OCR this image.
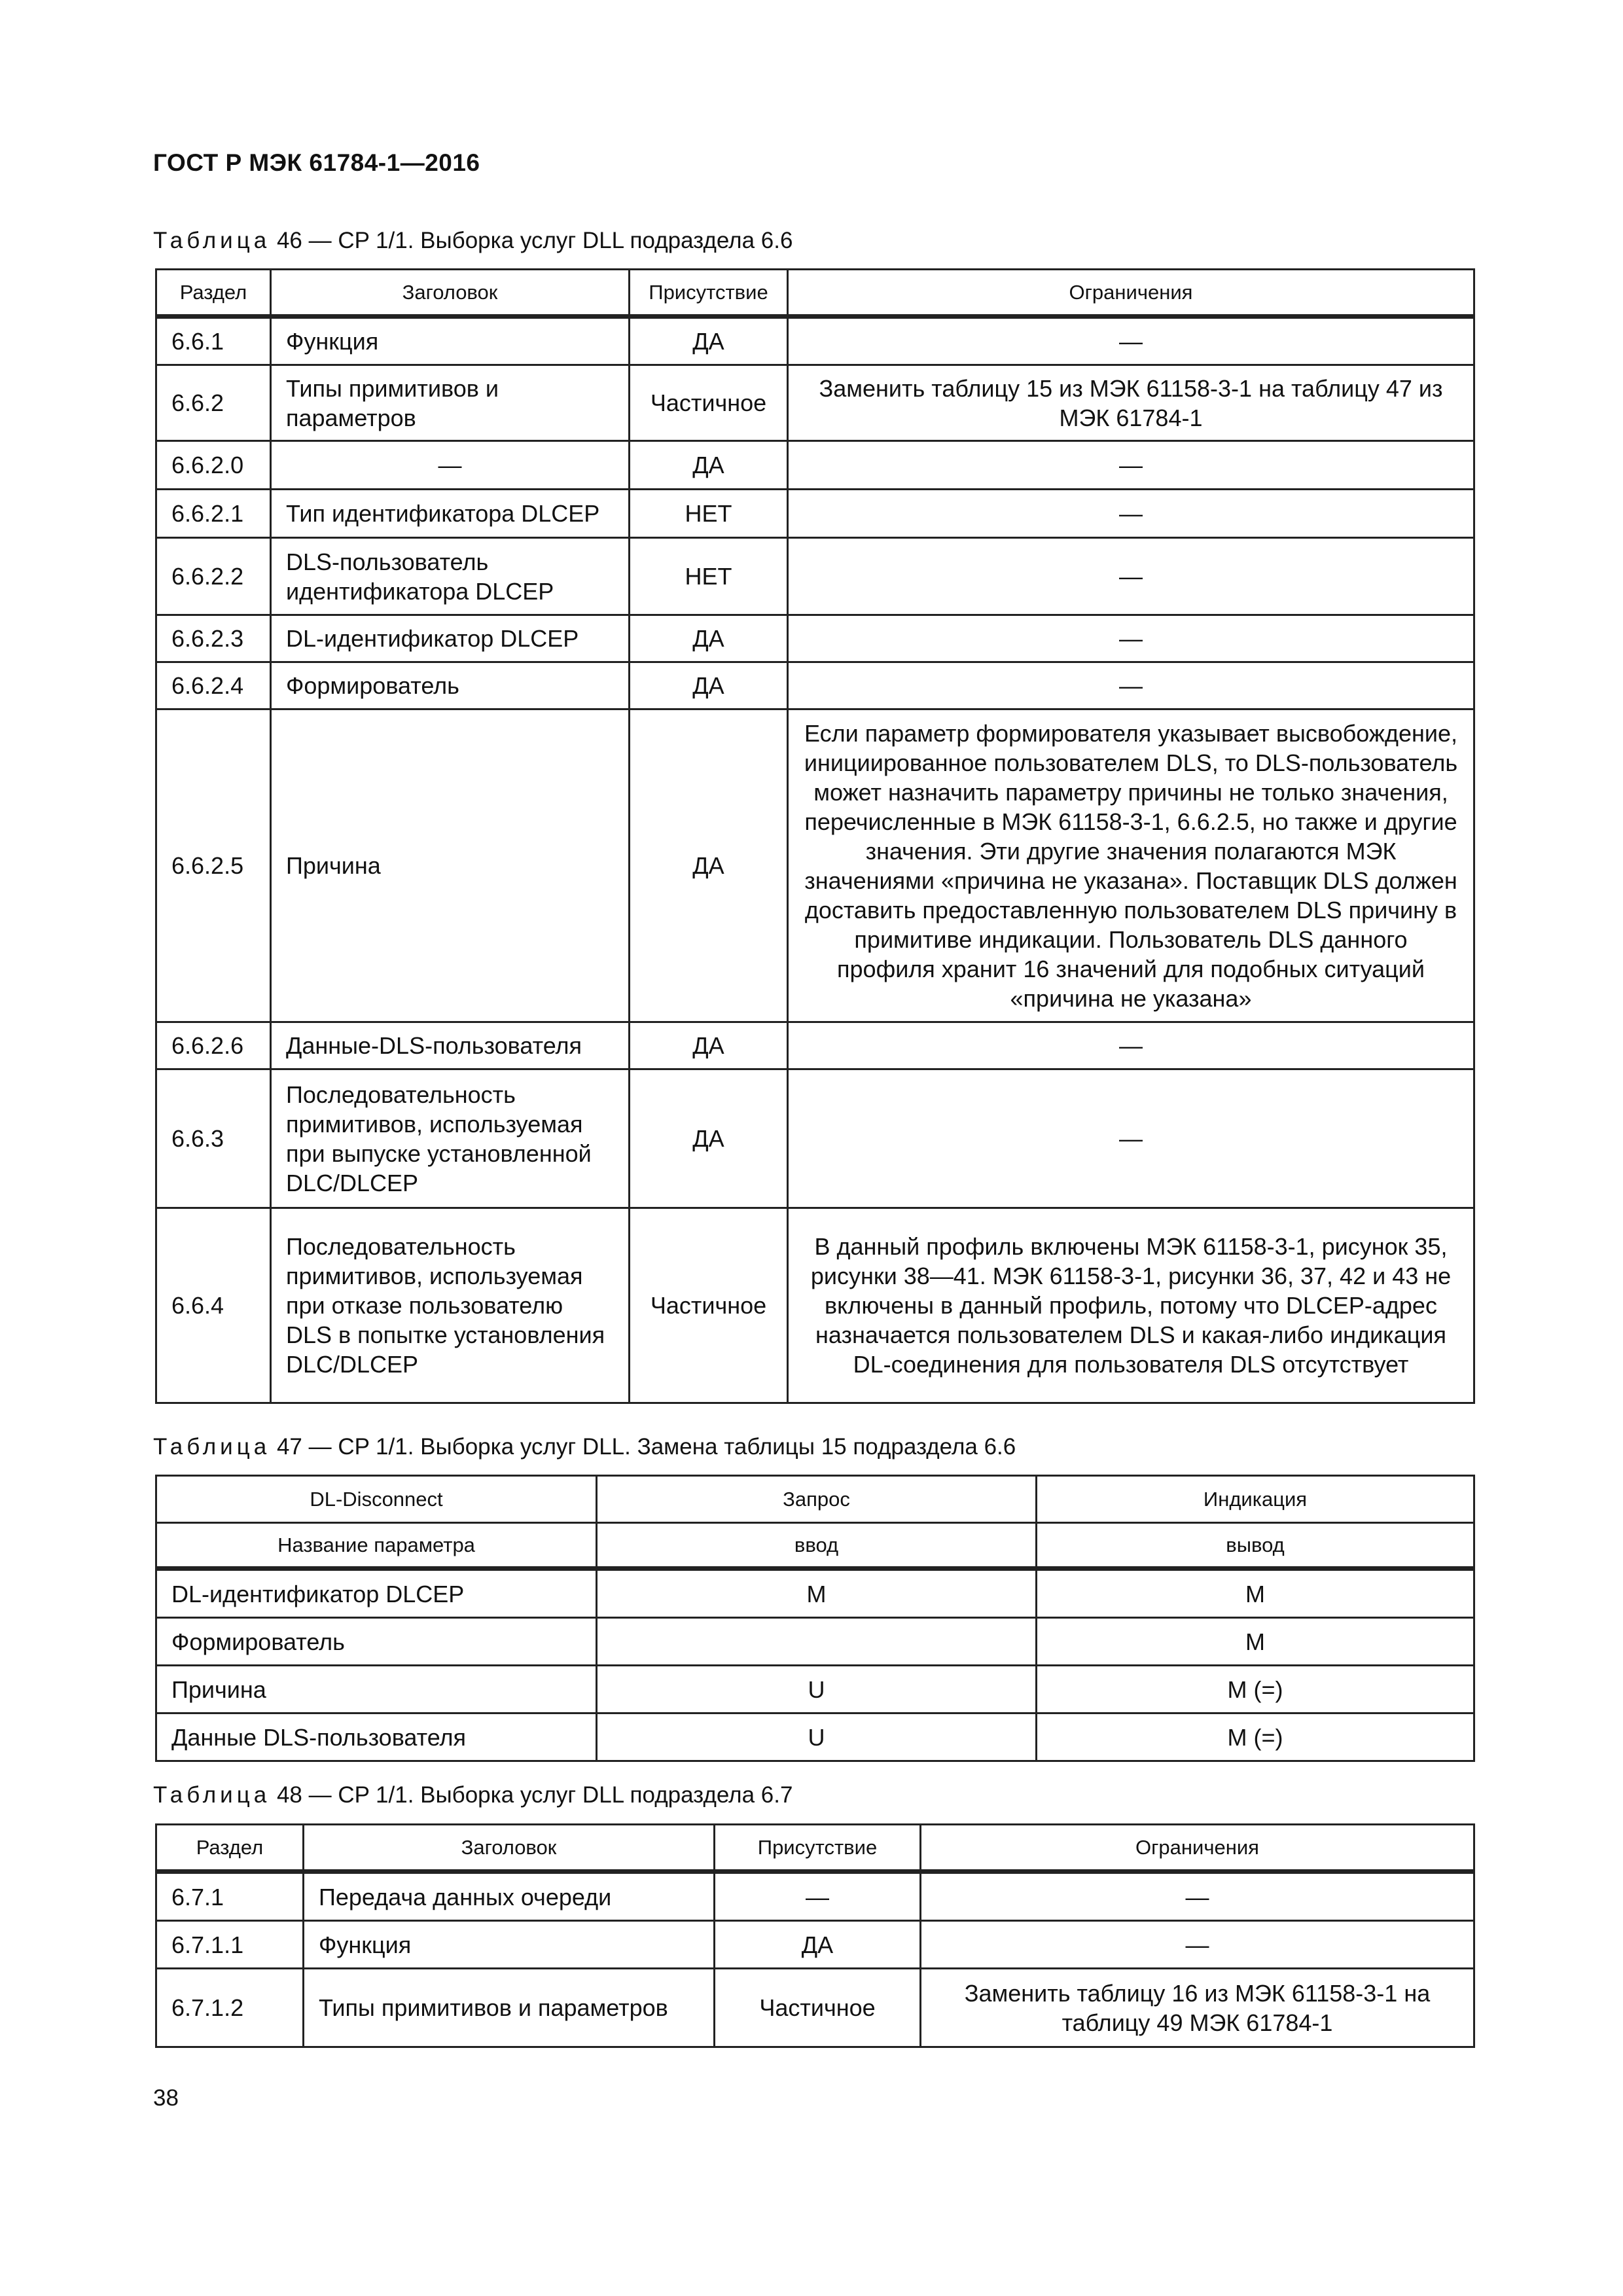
ГОСТ Р МЭК 61784-1—2016
Таблица 46 — CP 1/1. Выборка услуг DLL подраздела 6.6
Раздел	Заголовок	Присутствие	Ограничения
6.6.1	Функция	ДА	—
6.6.2	Типы примитивов и параметров	Частичное	Заменить таблицу 15 из МЭК 61158-3-1 на таблицу 47 из МЭК 61784-1
6.6.2.0	—	ДА	—
6.6.2.1	Тип идентификатора DLCEP	НЕТ	—
6.6.2.2	DLS-пользователь идентификатора DLCEP	НЕТ	—
6.6.2.3	DL-идентификатор DLCEP	ДА	—
6.6.2.4	Формирователь	ДА	—
6.6.2.5	Причина	ДА	Если параметр формирователя указывает высвобождение, инициированное пользователем DLS, то DLS-пользователь может назначить параметру причины не только значения, перечисленные в МЭК 61158-3-1, 6.6.2.5, но также и другие значения. Эти другие значения полагаются МЭК значениями «причина не указана». Поставщик DLS должен доставить предоставленную пользователем DLS причину в примитиве индикации. Пользователь DLS данного профиля хранит 16 значений для подобных ситуаций «причина не указана»
6.6.2.6	Данные-DLS-пользователя	ДА	—
6.6.3	Последовательность примитивов, используемая при выпуске установленной DLC/DLCEP	ДА	—
6.6.4	Последовательность примитивов, используемая при отказе пользователю DLS в попытке установления DLC/DLCEP	Частичное	В данный профиль включены МЭК 61158-3-1, рисунок 35, рисунки 38—41. МЭК 61158-3-1, рисунки 36, 37, 42 и 43 не включены в данный профиль, потому что DLCEP-адрес назначается пользователем DLS и какая-либо индикация DL-соединения для пользователя DLS отсутствует
Таблица 47 — CP 1/1. Выборка услуг DLL. Замена таблицы 15 подраздела 6.6
DL-Disconnect	Запрос	Индикация
Название параметра	ввод	вывод
DL-идентификатор DLCEP	M	M
Формирователь		M
Причина	U	M (=)
Данные DLS-пользователя	U	M (=)
Таблица 48 — CP 1/1. Выборка услуг DLL подраздела 6.7
Раздел	Заголовок	Присутствие	Ограничения
6.7.1	Передача данных очереди	—	—
6.7.1.1	Функция	ДА	—
6.7.1.2	Типы примитивов и параметров	Частичное	Заменить таблицу 16 из МЭК 61158-3-1 на таблицу 49 МЭК 61784-1
38
